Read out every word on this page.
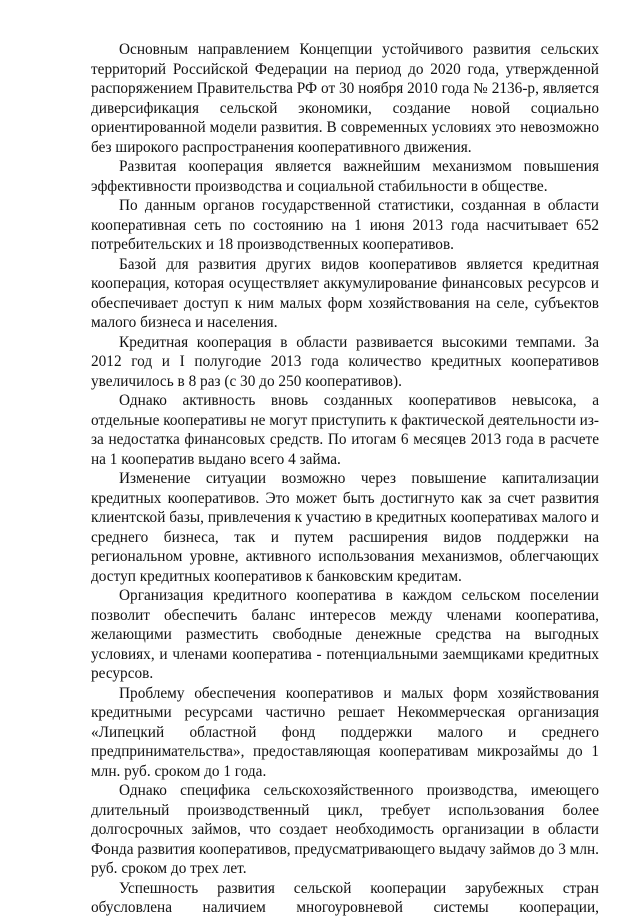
Основным направлением Концепции устойчивого развития сельских территорий Российской Федерации на период до 2020 года, утвержденной распоряжением Правительства РФ от 30 ноября 2010 года № 2136-р, является диверсификация сельской экономики, создание новой социально ориентированной модели развития. В современных условиях это невозможно без широкого распространения кооперативного движения.

Развитая кооперация является важнейшим механизмом повышения эффективности производства и социальной стабильности в обществе.

По данным органов государственной статистики, созданная в области кооперативная сеть по состоянию на 1 июня 2013 года насчитывает 652 потребительских и 18 производственных кооперативов.

Базой для развития других видов кооперативов является кредитная кооперация, которая осуществляет аккумулирование финансовых ресурсов и обеспечивает доступ к ним малых форм хозяйствования на селе, субъектов малого бизнеса и населения.

Кредитная кооперация в области развивается высокими темпами. За 2012 год и I полугодие 2013 года количество кредитных кооперативов увеличилось в 8 раз (с 30 до 250 кооперативов).

Однако активность вновь созданных кооперативов невысока, а отдельные кооперативы не могут приступить к фактической деятельности из-за недостатка финансовых средств. По итогам 6 месяцев 2013 года в расчете на 1 кооператив выдано всего 4 займа.

Изменение ситуации возможно через повышение капитализации кредитных кооперативов. Это может быть достигнуто как за счет развития клиентской базы, привлечения к участию в кредитных кооперативах малого и среднего бизнеса, так и путем расширения видов поддержки на региональном уровне, активного использования механизмов, облегчающих доступ кредитных кооперативов к банковским кредитам.

Организация кредитного кооператива в каждом сельском поселении позволит обеспечить баланс интересов между членами кооператива, желающими разместить свободные денежные средства на выгодных условиях, и членами кооператива - потенциальными заемщиками кредитных ресурсов.

Проблему обеспечения кооперативов и малых форм хозяйствования кредитными ресурсами частично решает Некоммерческая организация «Липецкий областной фонд поддержки малого и среднего предпринимательства», предоставляющая кооперативам микрозаймы до 1 млн. руб. сроком до 1 года.

Однако специфика сельскохозяйственного производства, имеющего длительный производственный цикл, требует использования более долгосрочных займов, что создает необходимость организации в области Фонда развития кооперативов, предусматривающего выдачу займов до 3 млн. руб. сроком до трех лет.

Успешность развития сельской кооперации зарубежных стран обусловлена наличием многоуровневой системы кооперации,
